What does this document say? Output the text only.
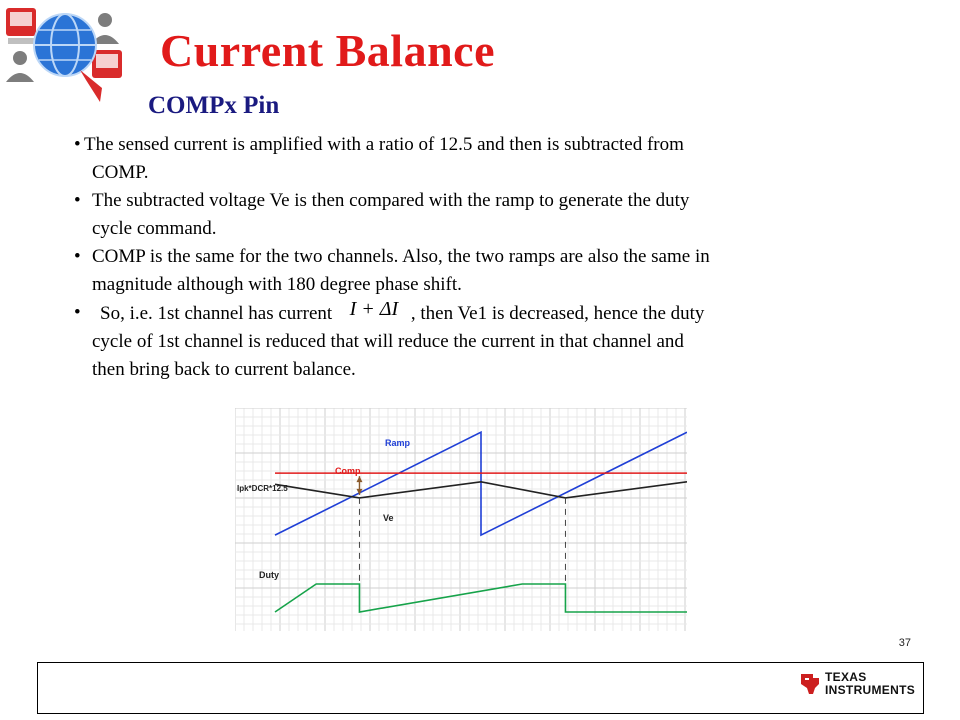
Current Balance
COMPx Pin

• The sensed current is amplified with a ratio of 12.5 and then is subtracted from
COMP.

• The subtracted voltage Ve is then compared with the ramp to generate the duty
cycle command.

• COMP is the same for the two channels. Also, the two ramps are also the same in
magnitude although with 180 degree phase shift.

• So, i.e. 1st channel has current I + ΔI , then Ve1 is decreased, hence the duty
cycle of 1st channel is reduced that will reduce the current in that channel and
then bring back to current balance.

Ramp
Comp
Ve
Duty
Ipk*DCR*12.5
37
TEXAS
INSTRUMENTS
